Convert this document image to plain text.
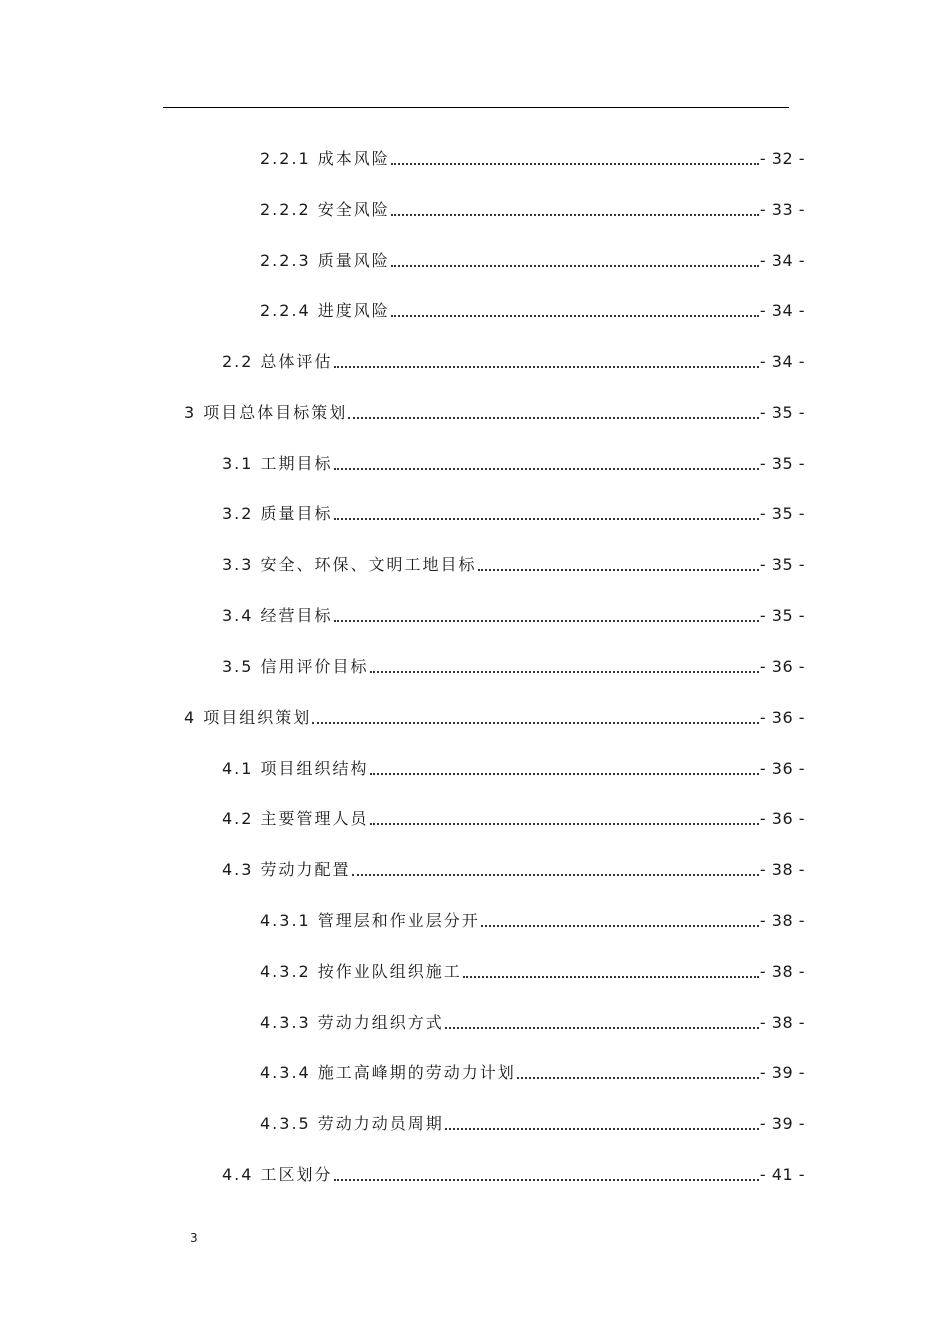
2.2.1 成本风险	- 32 -
2.2.2 安全风险	- 33 -
2.2.3 质量风险	- 34 -
2.2.4 进度风险	- 34 -
2.2 总体评估	- 34 -
3 项目总体目标策划	- 35 -
3.1 工期目标	- 35 -
3.2 质量目标	- 35 -
3.3 安全、环保、文明工地目标	- 35 -
3.4 经营目标	- 35 -
3.5 信用评价目标	- 36 -
4 项目组织策划	- 36 -
4.1 项目组织结构	- 36 -
4.2 主要管理人员	- 36 -
4.3 劳动力配置	- 38 -
4.3.1 管理层和作业层分开	- 38 -
4.3.2 按作业队组织施工	- 38 -
4.3.3 劳动力组织方式	- 38 -
4.3.4 施工高峰期的劳动力计划	- 39 -
4.3.5 劳动力动员周期	- 39 -
4.4 工区划分	- 41 -
3
